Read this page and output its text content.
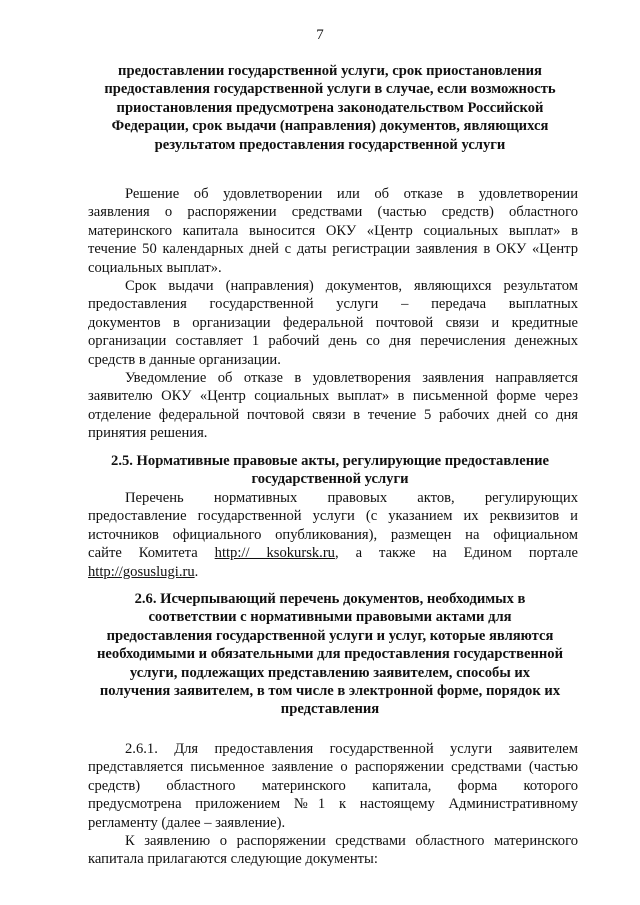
7
предоставлении государственной услуги, срок приостановления
предоставления государственной услуги в случае, если возможность
приостановления предусмотрена законодательством Российской
Федерации, срок выдачи (направления) документов, являющихся
результатом предоставления государственной услуги
Решение об удовлетворении или об отказе в удовлетворении
заявления о распоряжении средствами (частью средств) областного
материнского капитала выносится ОКУ «Центр социальных выплат» в
течение 50 календарных дней с даты регистрации заявления в ОКУ «Центр
социальных выплат».
Срок выдачи (направления) документов, являющихся результатом
предоставления государственной услуги – передача выплатных
документов в организации федеральной почтовой связи и кредитные
организации составляет 1 рабочий день со дня перечисления денежных
средств в данные организации.
Уведомление об отказе в удовлетворения заявления направляется
заявителю ОКУ «Центр социальных выплат» в письменной форме через
отделение федеральной почтовой связи в течение 5 рабочих дней со дня
принятия решения.
2.5. Нормативные правовые акты, регулирующие предоставление
государственной услуги
Перечень нормативных правовых актов, регулирующих
предоставление государственной услуги (с указанием их реквизитов и
источников официального опубликования), размещен на официальном
сайте Комитета http:// ksokursk.ru, а также на Едином портале
http://gosuslugi.ru.
2.6. Исчерпывающий перечень документов, необходимых в
соответствии с нормативными правовыми актами для
предоставления государственной услуги и услуг, которые являются
необходимыми и обязательными для предоставления государственной
услуги, подлежащих представлению заявителем, способы их
получения заявителем, в том числе в электронной форме, порядок их
представления
2.6.1. Для предоставления государственной услуги заявителем
представляется письменное заявление о распоряжении средствами (частью
средств) областного материнского капитала, форма которого
предусмотрена приложением №1 к настоящему Административному
регламенту (далее – заявление).
К заявлению о распоряжении средствами областного материнского
капитала прилагаются следующие документы:
